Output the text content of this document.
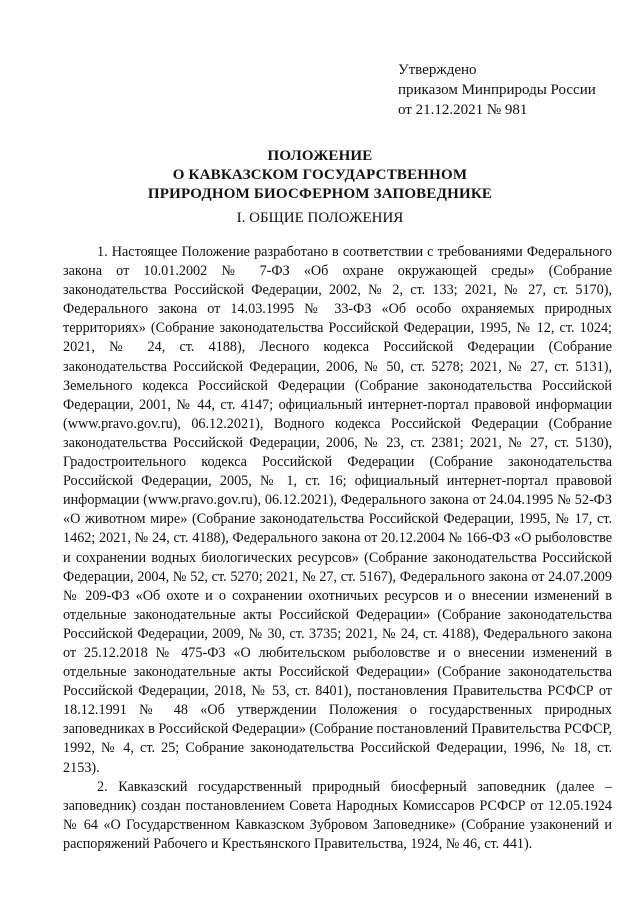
Утверждено
приказом Минприроды России
от 21.12.2021 № 981
ПОЛОЖЕНИЕ
О КАВКАЗСКОМ ГОСУДАРСТВЕННОМ
ПРИРОДНОМ БИОСФЕРНОМ ЗАПОВЕДНИКЕ
I. ОБЩИЕ ПОЛОЖЕНИЯ

1. Настоящее Положение разработано в соответствии с требованиями Федерального закона от 10.01.2002 № 7-ФЗ «Об охране окружающей среды» (Собрание законодательства Российской Федерации, 2002, № 2, ст. 133; 2021, № 27, ст. 5170), Федерального закона от 14.03.1995 № 33-ФЗ «Об особо охраняемых природных территориях» (Собрание законодательства Российской Федерации, 1995, № 12, ст. 1024; 2021, № 24, ст. 4188), Лесного кодекса Российской Федерации (Собрание законодательства Российской Федерации, 2006, № 50, ст. 5278; 2021, № 27, ст. 5131), Земельного кодекса Российской Федерации (Собрание законодательства Российской Федерации, 2001, № 44, ст. 4147; официальный интернет-портал правовой информации (www.pravo.gov.ru), 06.12.2021), Водного кодекса Российской Федерации (Собрание законодательства Российской Федерации, 2006, № 23, ст. 2381; 2021, № 27, ст. 5130), Градостроительного кодекса Российской Федерации (Собрание законодательства Российской Федерации, 2005, № 1, ст. 16; официальный интернет-портал правовой информации (www.pravo.gov.ru), 06.12.2021), Федерального закона от 24.04.1995 № 52-ФЗ «О животном мире» (Собрание законодательства Российской Федерации, 1995, № 17, ст. 1462; 2021, № 24, ст. 4188), Федерального закона от 20.12.2004 № 166-ФЗ «О рыболовстве и сохранении водных биологических ресурсов» (Собрание законодательства Российской Федерации, 2004, № 52, ст. 5270; 2021, № 27, ст. 5167), Федерального закона от 24.07.2009 № 209-ФЗ «Об охоте и о сохранении охотничьих ресурсов и о внесении изменений в отдельные законодательные акты Российской Федерации» (Собрание законодательства Российской Федерации, 2009, № 30, ст. 3735; 2021, № 24, ст. 4188), Федерального закона от 25.12.2018 № 475-ФЗ «О любительском рыболовстве и о внесении изменений в отдельные законодательные акты Российской Федерации» (Собрание законодательства Российской Федерации, 2018, № 53, ст. 8401), постановления Правительства РСФСР от 18.12.1991 № 48 «Об утверждении Положения о государственных природных заповедниках в Российской Федерации» (Собрание постановлений Правительства РСФСР, 1992, № 4, ст. 25; Собрание законодательства Российской Федерации, 1996, № 18, ст. 2153).

2. Кавказский государственный природный биосферный заповедник (далее – заповедник) создан постановлением Совета Народных Комиссаров РСФСР от 12.05.1924 № 64 «О Государственном Кавказском Зубровом Заповеднике» (Собрание узаконений и распоряжений Рабочего и Крестьянского Правительства, 1924, № 46, ст. 441).
